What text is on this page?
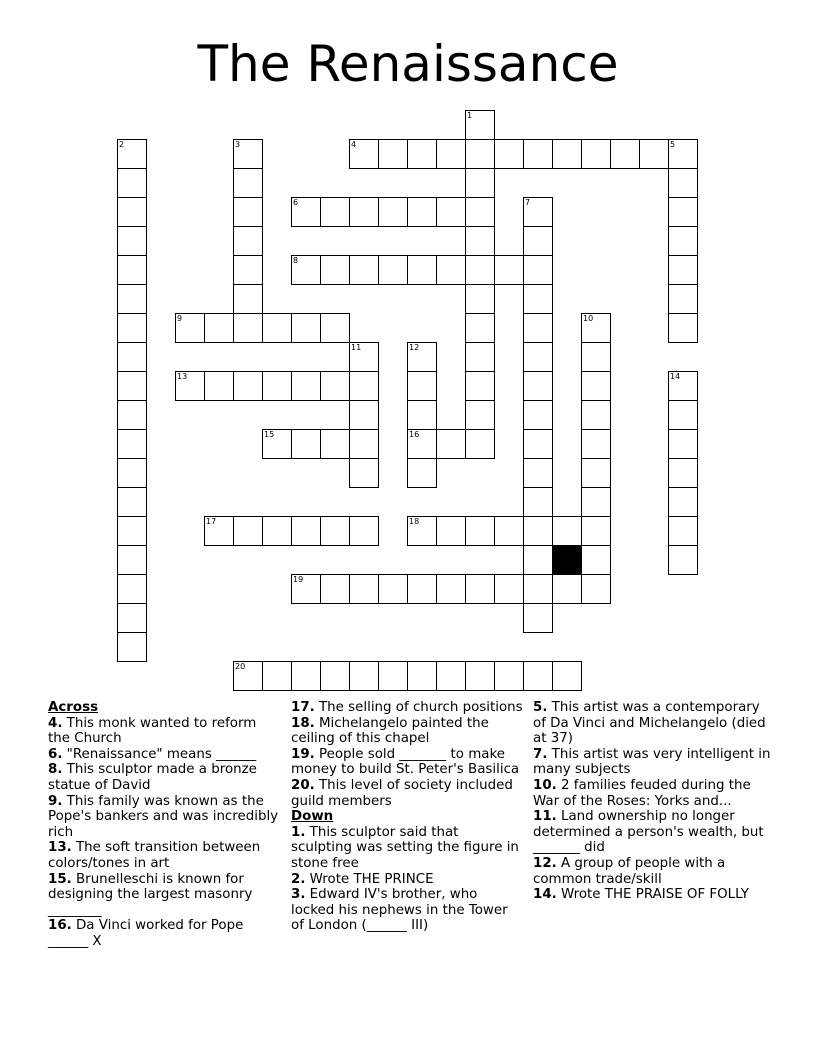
The Renaissance
1
2	3	4	5
6	7
8
9	10
11	12
13	14
15	16
17	18
19
20
Across
4. This monk wanted to reform the Church
6. "Renaissance" means ______
8. This sculptor made a bronze statue of David
9. This family was known as the Pope's bankers and was incredibly rich
13. The soft transition between colors/tones in art
15. Brunelleschi is known for designing the largest masonry ________
16. Da Vinci worked for Pope ______ X
17. The selling of church positions
18. Michelangelo painted the ceiling of this chapel
19. People sold _______ to make money to build St. Peter's Basilica
20. This level of society included guild members
Down
1. This sculptor said that sculpting was setting the figure in stone free
2. Wrote THE PRINCE
3. Edward IV's brother, who locked his nephews in the Tower of London (______ III)
5. This artist was a contemporary of Da Vinci and Michelangelo (died at 37)
7. This artist was very intelligent in many subjects
10. 2 families feuded during the War of the Roses: Yorks and...
11. Land ownership no longer determined a person's wealth, but _______ did
12. A group of people with a common trade/skill
14. Wrote THE PRAISE OF FOLLY
